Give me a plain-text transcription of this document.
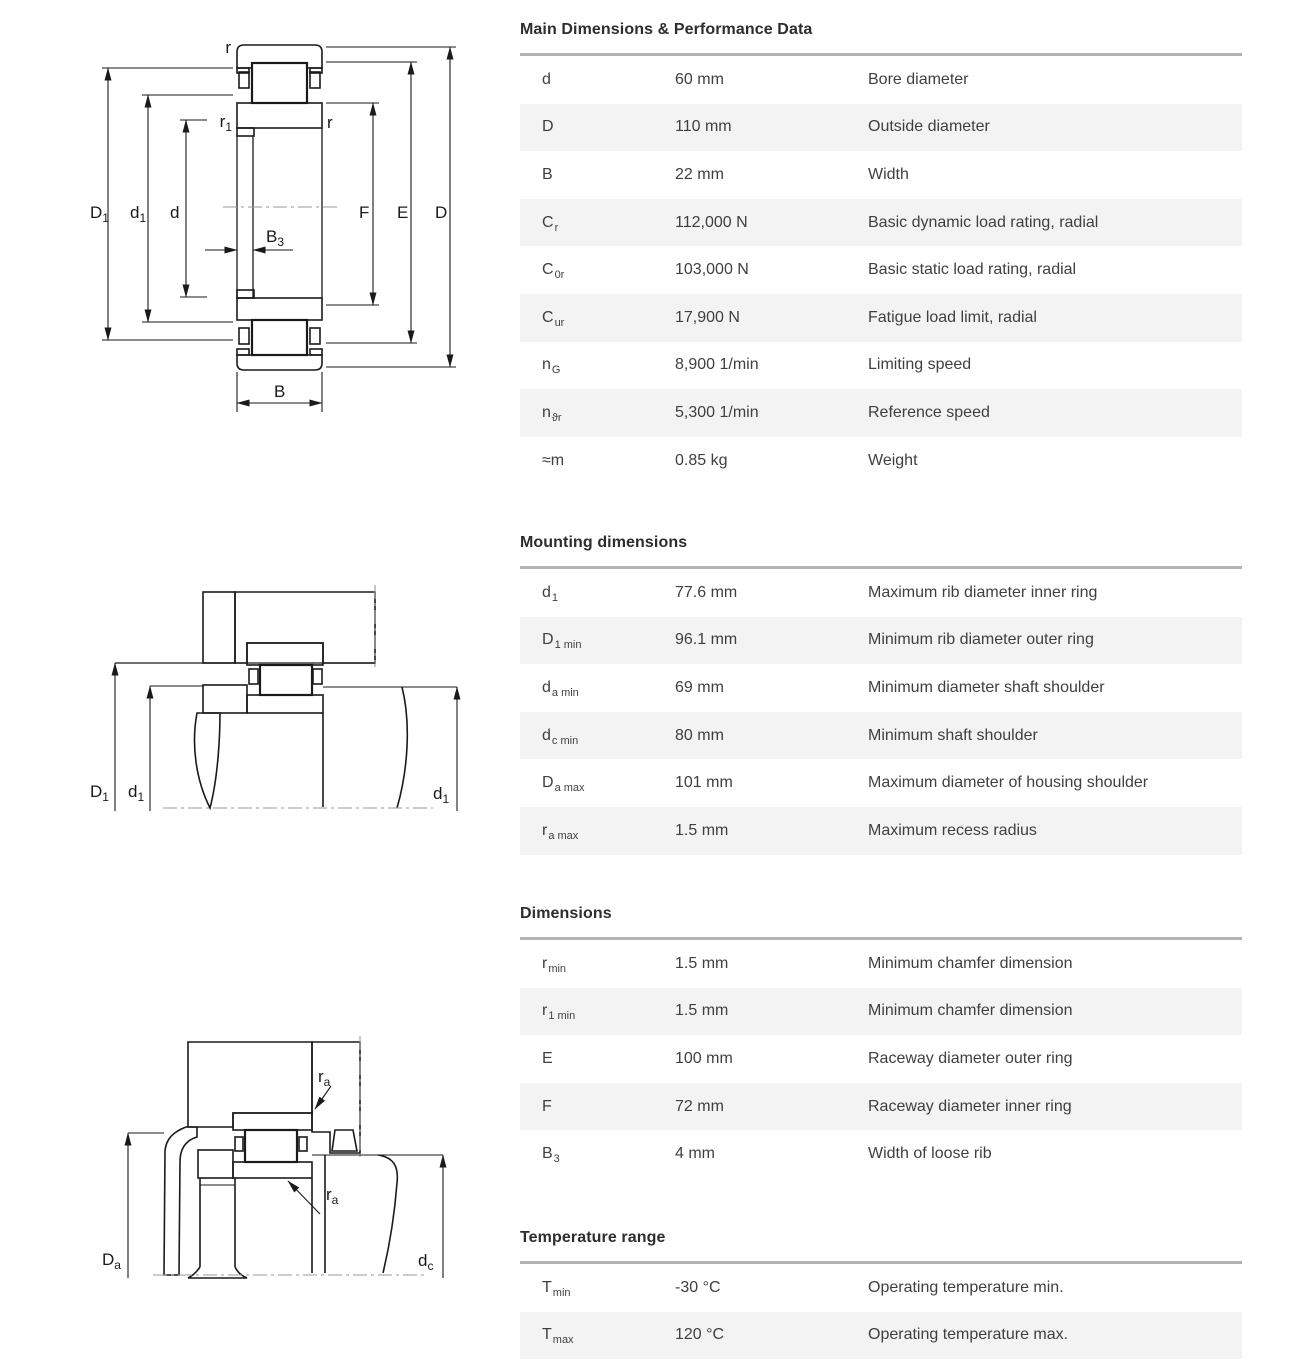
r
$r_1$	r
$D_1$ $d_1$ d
$B_3$
F E D
B
$D_1$ $d_1$	$d_1$
$r_a$
$r_a$
$D_a$	$d_c$
Main Dimensions & Performance Data
d	60 mm	Bore diameter
D	110 mm	Outside diameter
B	22 mm	Width
$C_r$	112,000 N	Basic dynamic load rating, radial
$C_{0r}$	103,000 N	Basic static load rating, radial
$C_{ur}$	17,900 N	Fatigue load limit, radial
$n_G$	8,900 1/min	Limiting speed
$n_{ϑr}$	5,300 1/min	Reference speed
≈m	0.85 kg	Weight
Mounting dimensions
$d_1$	77.6 mm	Maximum rib diameter inner ring
$D_{1 min}$	96.1 mm	Minimum rib diameter outer ring
$d_{a min}$	69 mm	Minimum diameter shaft shoulder
$d_{c min}$	80 mm	Minimum shaft shoulder
$D_{a max}$	101 mm	Maximum diameter of housing shoulder
$r_{a max}$	1.5 mm	Maximum recess radius
Dimensions
$r_{min}$	1.5 mm	Minimum chamfer dimension
$r_{1 min}$	1.5 mm	Minimum chamfer dimension
E	100 mm	Raceway diameter outer ring
F	72 mm	Raceway diameter inner ring
$B_3$	4 mm	Width of loose rib
Temperature range
$T_{min}$	-30 °C	Operating temperature min.
$T_{max}$	120 °C	Operating temperature max.
